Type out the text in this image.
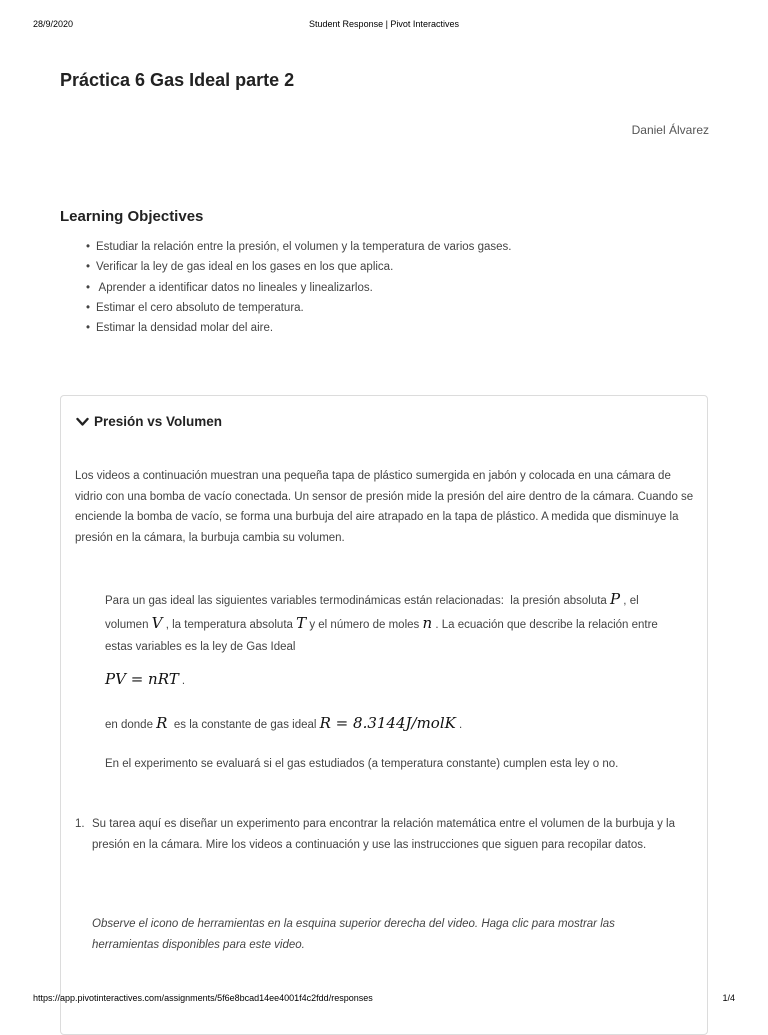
28/9/2020	Student Response | Pivot Interactives
Práctica 6 Gas Ideal parte 2
Daniel Álvarez
Learning Objectives
• Estudiar la relación entre la presión, el volumen y la temperatura de varios gases.
• Verificar la ley de gas ideal en los gases en los que aplica.
• Aprender a identificar datos no lineales y linealizarlos.
• Estimar el cero absoluto de temperatura.
• Estimar la densidad molar del aire.
Presión vs Volumen

Los videos a continuación muestran una pequeña tapa de plástico sumergida en jabón y colocada en una cámara de vidrio con una bomba de vacío conectada. Un sensor de presión mide la presión del aire dentro de la cámara. Cuando se enciende la bomba de vacío, se forma una burbuja del aire atrapado en la tapa de plástico. A medida que disminuye la presión en la cámara, la burbuja cambia su volumen.

Para un gas ideal las siguientes variables termodinámicas están relacionadas:  la presión absoluta P , el
volumen V , la temperatura absoluta T y el número de moles n . La ecuación que describe la relación entre
estas variables es la ley de Gas Ideal

PV = nRT .

en donde R  es la constante de gas ideal R = 8.3144J/molK .

En el experimento se evaluará si el gas estudiados (a temperatura constante) cumplen esta ley o no.

1. Su tarea aquí es diseñar un experimento para encontrar la relación matemática entre el volumen de la burbuja y la presión en la cámara. Mire los videos a continuación y use las instrucciones que siguen para recopilar datos.

Observe el icono de herramientas en la esquina superior derecha del video. Haga clic para mostrar las herramientas disponibles para este video.

https://app.pivotinteractives.com/assignments/5f6e8bcad14ee4001f4c2fdd/responses	1/4
